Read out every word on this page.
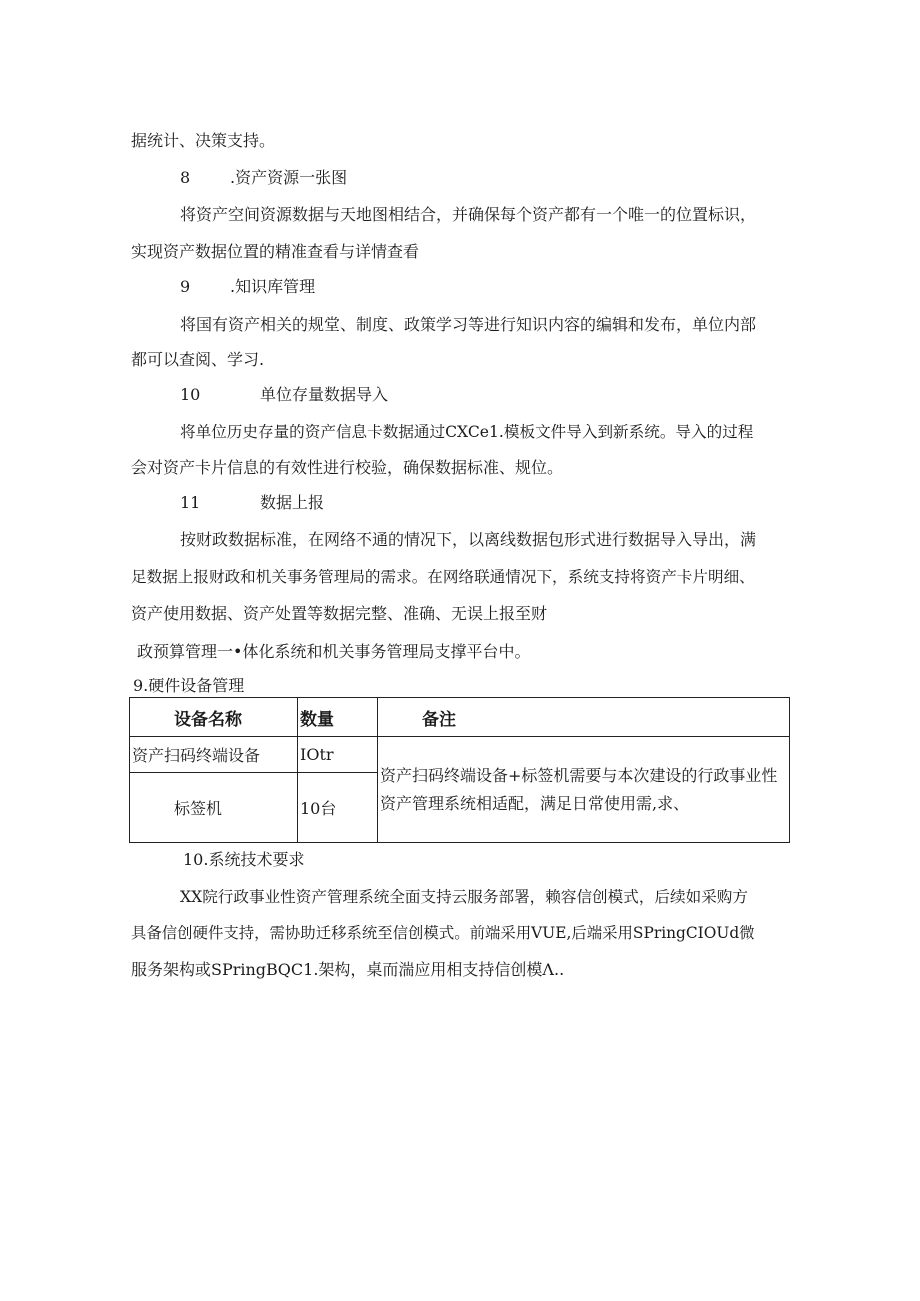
据统计、决策支持。
8 .资产资源一张图
将资产空间资源数据与天地图相结合，并确保每个资产都有一个唯一的位置标识，
实现资产数据位置的精准查看与详情查看
9 .知识库管理
将国有资产相关的规堂、制度、政策学习等进行知识内容的编辑和发布，单位内部
都可以查阅、学习.
10	单位存量数据导入
将单位历史存量的资产信息卡数据通过CXCe1.模板文件导入到新系统。导入的过程
会对资产卡片信息的有效性进行校验，确保数据标准、规位。
11	数据上报
按财政数据标准，在网络不通的情况下，以离线数据包形式进行数据导入导出，满
足数据上报财政和机关事务管理局的需求。在网络联通情况下，系统支持将资产卡片明细、
资产使用数据、资产处置等数据完整、准确、无误上报至财
政预算管理一•体化系统和机关事务管理局支撑平台中。
9.硬件设备管理
设备名称	数量	备注
资产扫码终端设备	IOtr	资产扫码终端设备+标签机需要与本次建设的行政事业性资产管理系统相适配，满足日常使用需,求、
标签机	10台	
10.系统技术要求
XX院行政事业性资产管理系统全面支持云服务部署，赖容信创模式，后续如采购方
具备信创硬件支持，需协助迁移系统至信创模式。前端采用VUE,后端采用SPringCIOUd微
服务架构或SPringBQC1.架构，桌而湍应用相支持信创模Λ..
